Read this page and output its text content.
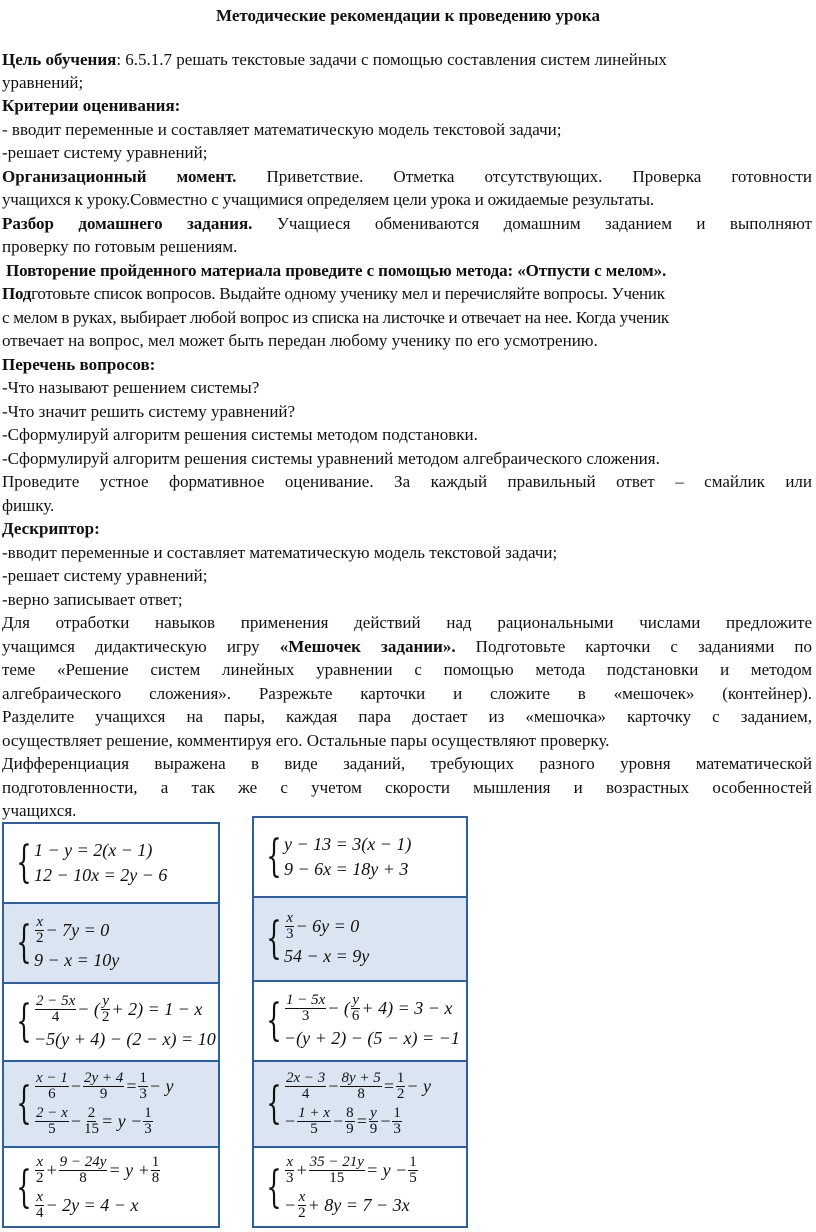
Методические рекомендации к проведению урока
Цель обучения: 6.5.1.7 решать текстовые задачи с помощью составления систем линейных
уравнений;
Критерии оценивания:
- вводит переменные и составляет математическую модель текстовой задачи;
-решает систему уравнений;
Организационный момент. Приветствие. Отметка отсутствующих. Проверка готовности
учащихся к уроку.Совместно с учащимися определяем цели урока и ожидаемые результаты.
Разбор домашнего задания. Учащиеся обмениваются домашним заданием и выполняют
проверку по готовым решениям.
Повторение пройденного материала проведите с помощью метода: «Отпусти с мелом».
Подготовьте список вопросов. Выдайте одному ученику мел и перечисляйте вопросы. Ученик
с мелом в руках, выбирает любой вопрос из списка на листочке и отвечает на нее. Когда ученик
отвечает на вопрос, мел может быть передан любому ученику по его усмотрению.
Перечень вопросов:
-Что называют решением системы?
-Что значит решить систему уравнений?
-Сформулируй алгоритм решения системы методом подстановки.
-Сформулируй алгоритм решения системы уравнений методом алгебраического сложения.
Проведите устное формативное оценивание. За каждый правильный ответ – смайлик или
фишку.
Дескриптор:
-вводит переменные и составляет математическую модель текстовой задачи;
-решает систему уравнений;
-верно записывает ответ;
Для отработки навыков применения действий над рациональными числами предложите
учащимся дидактическую игру «Мешочек задании». Подготовьте карточки с заданиями по
теме «Решение систем линейных уравнении с помощью метода подстановки и методом
алгебраического сложения». Разрежьте карточки и сложите в «мешочек» (контейнер).
Разделите учащихся на пары, каждая пара достает из «мешочка» карточку с заданием,
осуществляет решение, комментируя его. Остальные пары осуществляют проверку.
Дифференциация выражена в виде заданий, требующих разного уровня математической
подготовленности, а так же с учетом скорости мышления и возрастных особенностей
учащихся.
{ 1 − y = 2(x − 1)
12 − 10x = 2y − 6
{ $\frac{x}{2} - 7y = 0$
9 − x = 10y
{ $\frac{2 - 5x}{4}$ − ( $\frac{y}{2} + 2) = 1 - x$
−5(y + 4) − (2 − x) = 10
{ $\frac{x - 1}{6} - \frac{2y + 4}{9} = \frac{1}{3} - y$
$\frac{2 - x}{5} - \frac{2}{15} = y - \frac{1}{3}$
{ $\frac{x}{2} + \frac{9 - 24y}{8} = y + \frac{1}{8}$
$\frac{x}{4} - 2y = 4 - x$
{ y − 13 = 3(x − 1)
9 − 6x = 18y + 3
{ $\frac{x}{3} - 6y = 0$
54 − x = 9y
{ $\frac{1 - 5x}{3}$ − ( $\frac{y}{6} + 4) = 3 - x$
−(y + 2) − (5 − x) = −1
{ $\frac{2x - 3}{4} - \frac{8y + 5}{8} = \frac{1}{2} - y$
− $\frac{1 + x}{5} - \frac{8}{9} = \frac{y}{9} - \frac{1}{3}$
{ $\frac{x}{3} + \frac{35 - 21y}{15} = y - \frac{1}{5}$
− $\frac{x}{2} + 8y = 7 - 3x$
